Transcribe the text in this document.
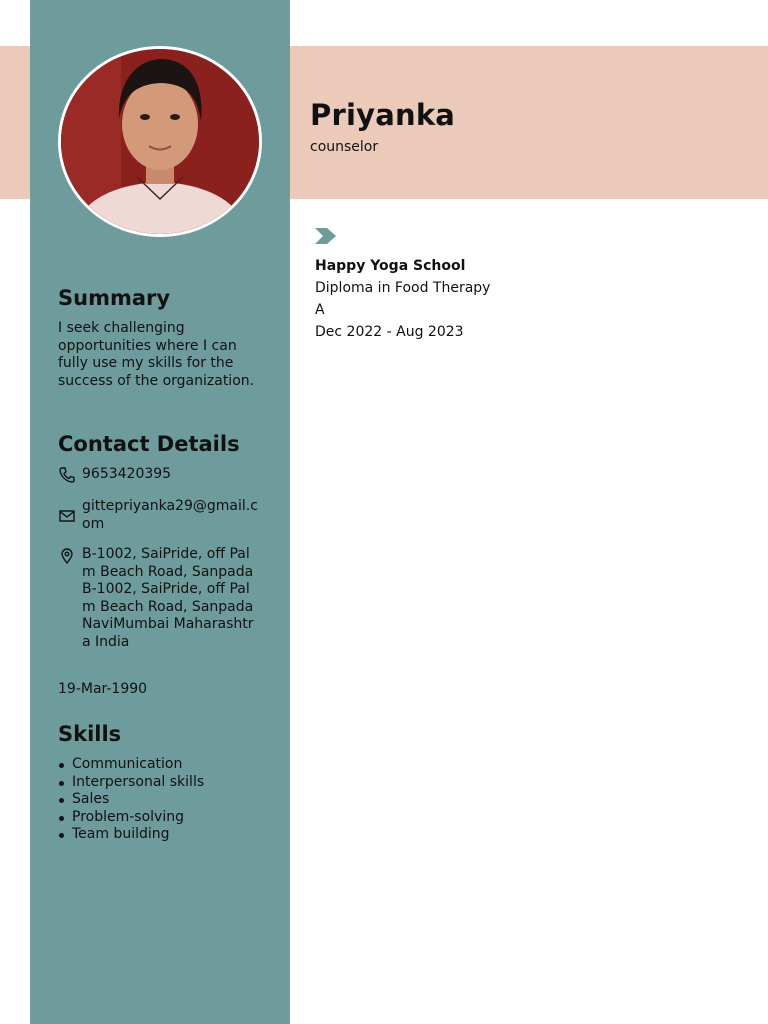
Priyanka
counselor
Happy Yoga School
Diploma in Food Therapy
A
Dec 2022 - Aug 2023
Summary
I seek challenging opportunities where I can fully use my skills for the success of the organization.
Contact Details
9653420395
gittepriyanka29@gmail.com
B-1002, SaiPride, off Palm Beach Road, Sanpada B-1002, SaiPride, off Palm Beach Road, Sanpada NaviMumbai Maharashtra India
19-Mar-1990
Skills
Communication
Interpersonal skills
Sales
Problem-solving
Team building
